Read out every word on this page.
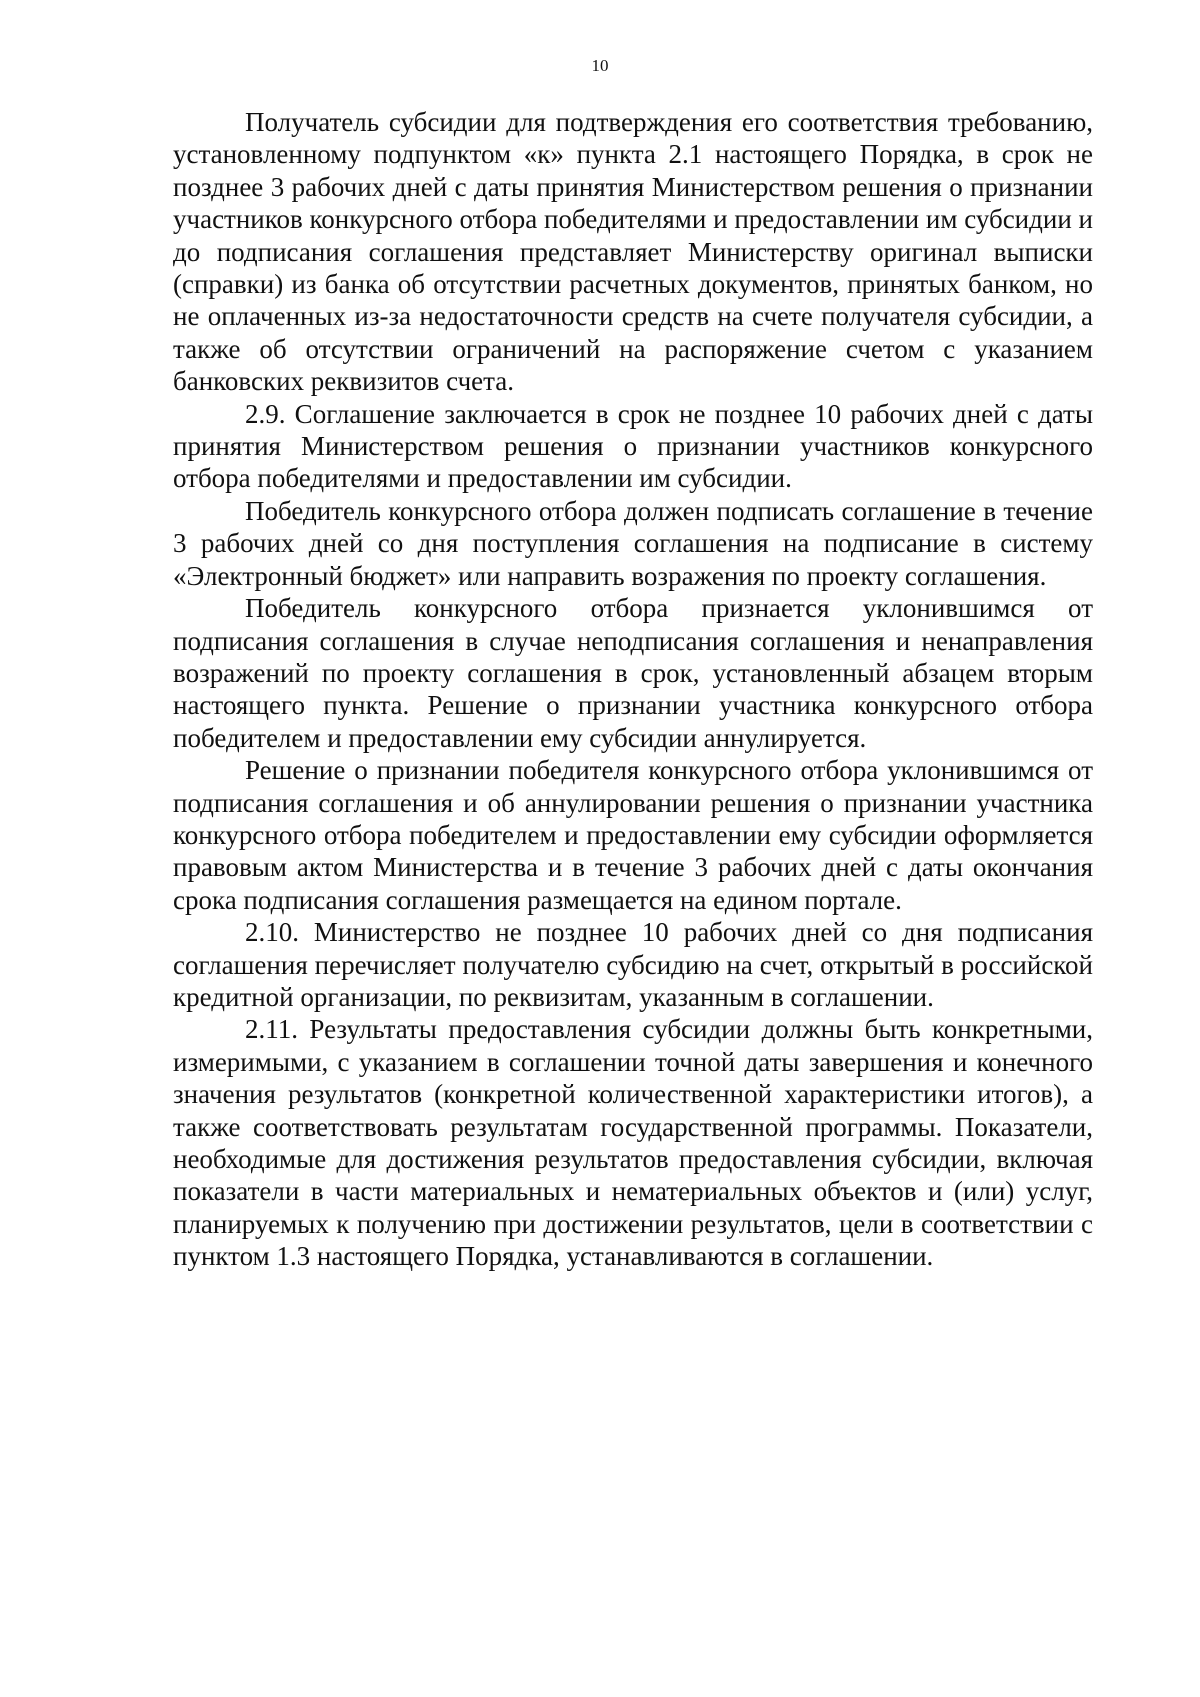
10

Получатель субсидии для подтверждения его соответствия требованию, установленному подпунктом «к» пункта 2.1 настоящего Порядка, в срок не позднее 3 рабочих дней с даты принятия Министерством решения о признании участников конкурсного отбора победителями и предоставлении им субсидии и до подписания соглашения представляет Министерству оригинал выписки (справки) из банка об отсутствии расчетных документов, принятых банком, но не оплаченных из-за недостаточности средств на счете получателя субсидии, а также об отсутствии ограничений на распоряжение счетом с указанием банковских реквизитов счета.

2.9. Соглашение заключается в срок не позднее 10 рабочих дней с даты принятия Министерством решения о признании участников конкурсного отбора победителями и предоставлении им субсидии.

Победитель конкурсного отбора должен подписать соглашение в течение 3 рабочих дней со дня поступления соглашения на подписание в систему «Электронный бюджет» или направить возражения по проекту соглашения.

Победитель конкурсного отбора признается уклонившимся от подписания соглашения в случае неподписания соглашения и ненаправления возражений по проекту соглашения в срок, установленный абзацем вторым настоящего пункта. Решение о признании участника конкурсного отбора победителем и предоставлении ему субсидии аннулируется.

Решение о признании победителя конкурсного отбора уклонившимся от подписания соглашения и об аннулировании решения о признании участника конкурсного отбора победителем и предоставлении ему субсидии оформляется правовым актом Министерства и в течение 3 рабочих дней с даты окончания срока подписания соглашения размещается на едином портале.

2.10. Министерство не позднее 10 рабочих дней со дня подписания соглашения перечисляет получателю субсидию на счет, открытый в российской кредитной организации, по реквизитам, указанным в соглашении.

2.11. Результаты предоставления субсидии должны быть конкретными, измеримыми, с указанием в соглашении точной даты завершения и конечного значения результатов (конкретной количественной характеристики итогов), а также соответствовать результатам государственной программы. Показатели, необходимые для достижения результатов предоставления субсидии, включая показатели в части материальных и нематериальных объектов и (или) услуг, планируемых к получению при достижении результатов, цели в соответствии с пунктом 1.3 настоящего Порядка, устанавливаются в соглашении.
